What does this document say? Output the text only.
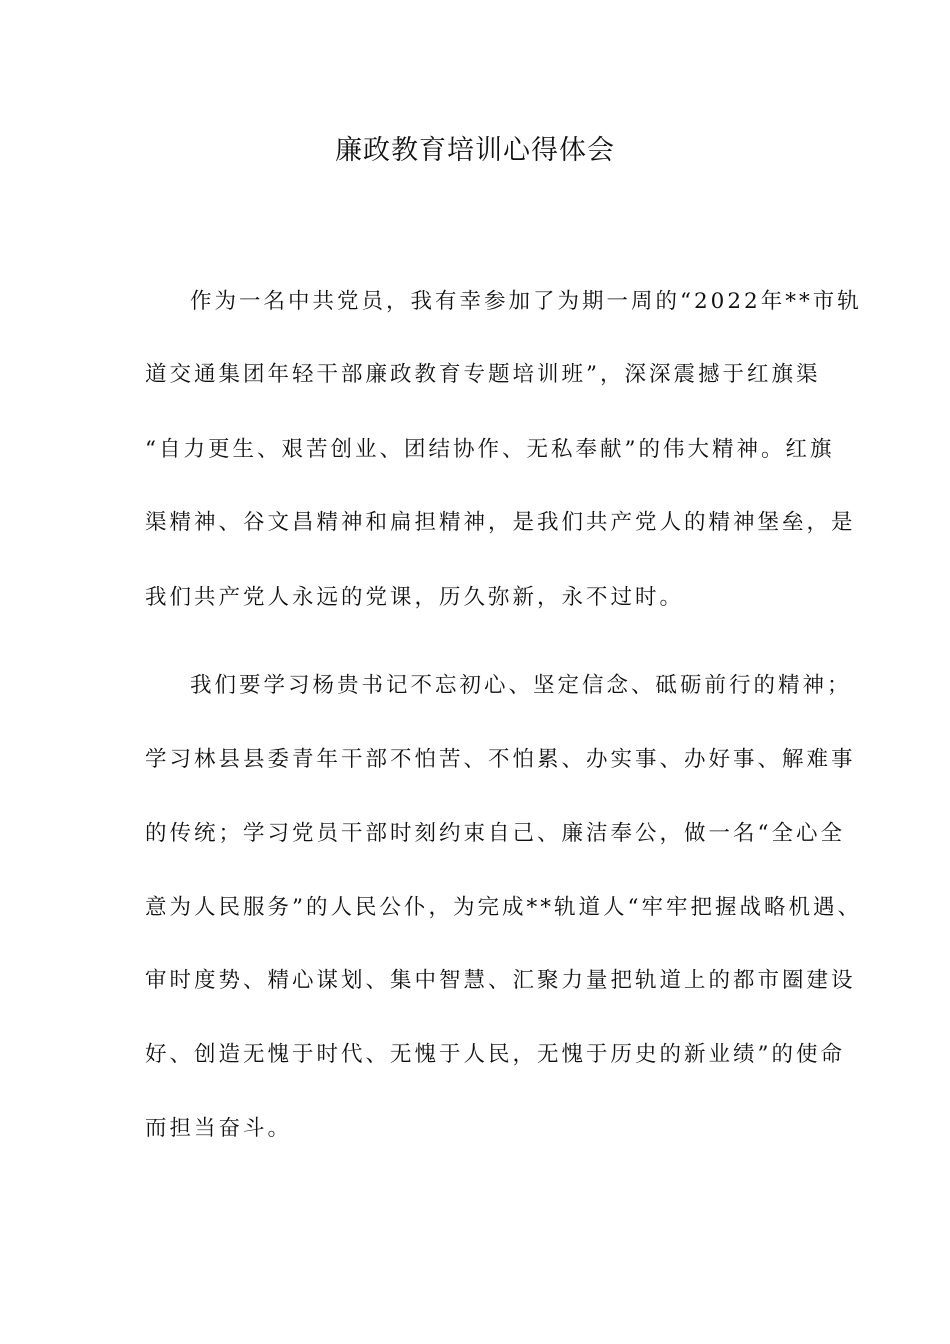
廉政教育培训心得体会
作为一名中共党员，我有幸参加了为期一周的“2022年**市轨
道交通集团年轻干部廉政教育专题培训班”，深深震撼于红旗渠
“自力更生、艰苦创业、团结协作、无私奉献”的伟大精神。红旗
渠精神、谷文昌精神和扁担精神，是我们共产党人的精神堡垒，是
我们共产党人永远的党课，历久弥新，永不过时。
我们要学习杨贵书记不忘初心、坚定信念、砥砺前行的精神；
学习林县县委青年干部不怕苦、不怕累、办实事、办好事、解难事
的传统；学习党员干部时刻约束自己、廉洁奉公，做一名“全心全
意为人民服务”的人民公仆，为完成**轨道人“牢牢把握战略机遇、
审时度势、精心谋划、集中智慧、汇聚力量把轨道上的都市圈建设
好、创造无愧于时代、无愧于人民，无愧于历史的新业绩”的使命
而担当奋斗。
